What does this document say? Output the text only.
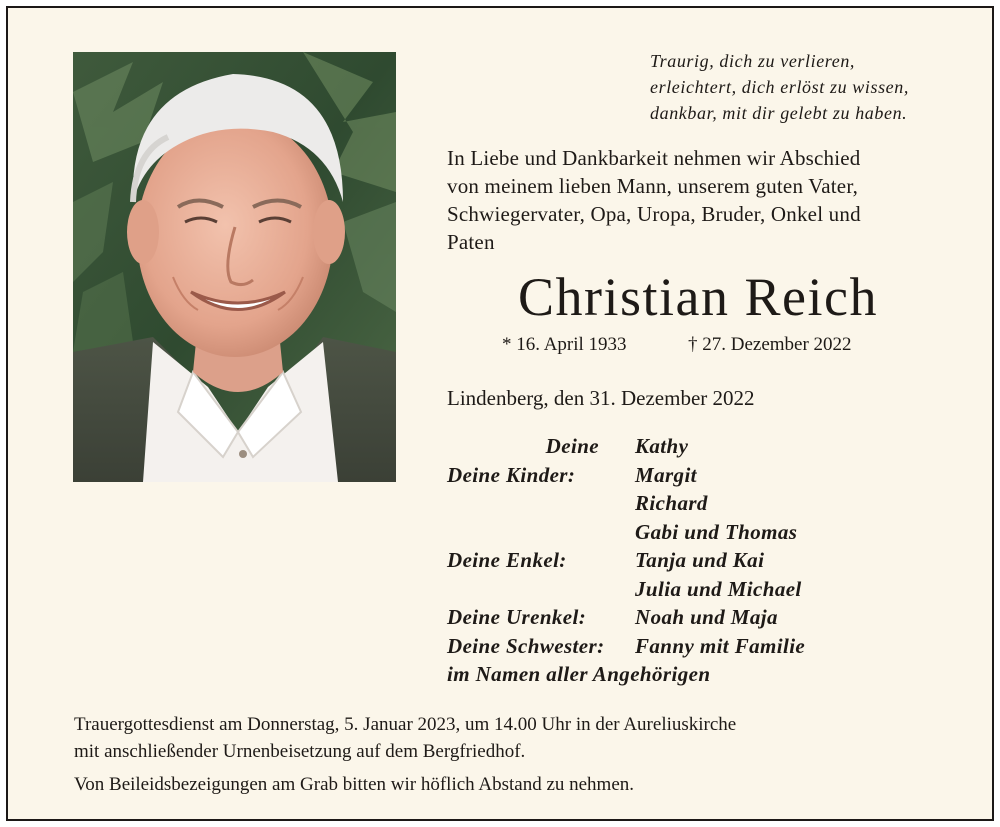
Traurig, dich zu verlieren,
erleichtert, dich erlöst zu wissen,
dankbar, mit dir gelebt zu haben.
In Liebe und Dankbarkeit nehmen wir Abschied
von meinem lieben Mann, unserem guten Vater,
Schwiegervater, Opa, Uropa, Bruder, Onkel und
Paten
Christian Reich
* 16. April 1933	† 27. Dezember 2022
Lindenberg, den 31. Dezember 2022
Deine Kathy
Deine Kinder:	Margit
Richard
Gabi und Thomas
Deine Enkel:	Tanja und Kai
Julia und Michael
Deine Urenkel:	Noah und Maja
Deine Schwester:	Fanny mit Familie
im Namen aller Angehörigen
Trauergottesdienst am Donnerstag, 5. Januar 2023, um 14.00 Uhr in der Aureliuskirche
mit anschließender Urnenbeisetzung auf dem Bergfriedhof.
Von Beileidsbezeigungen am Grab bitten wir höflich Abstand zu nehmen.
